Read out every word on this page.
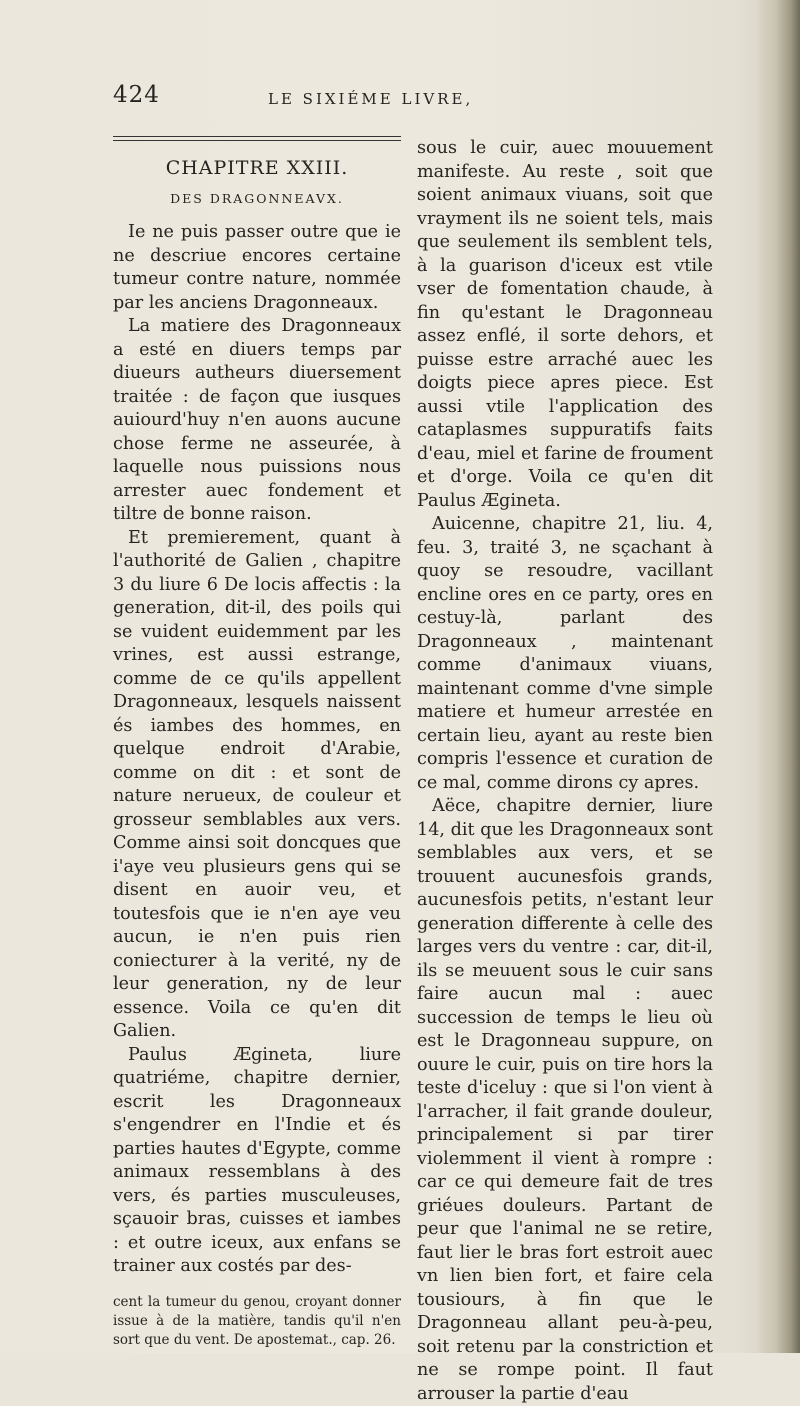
424	LE SIXIÉME LIVRE,
CHAPITRE XXIII.
DES DRAGONNEAVX.

Ie ne puis passer outre que ie ne descriue encores certaine tumeur contre nature, nommée par les anciens Dragonneaux.

La matiere des Dragonneaux a esté en diuers temps par diueurs autheurs diuersement traitée : de façon que iusques auiourd'huy n'en auons aucune chose ferme ne asseurée, à laquelle nous puissions nous arrester auec fondement et tiltre de bonne raison.

Et premierement, quant à l'authorité de Galien , chapitre 3 du liure 6 De locis affectis : la generation, dit-il, des poils qui se vuident euidemment par les vrines, est aussi estrange, comme de ce qu'ils appellent Dragonneaux, lesquels naissent és iambes des hommes, en quelque endroit d'Arabie, comme on dit : et sont de nature nerueux, de couleur et grosseur semblables aux vers. Comme ainsi soit doncques que i'aye veu plusieurs gens qui se disent en auoir veu, et toutesfois que ie n'en aye veu aucun, ie n'en puis rien coniecturer à la verité, ny de leur generation, ny de leur essence. Voila ce qu'en dit Galien.

Paulus Ægineta, liure quatriéme, chapitre dernier, escrit les Dragonneaux s'engendrer en l'Indie et és parties hautes d'Egypte, comme animaux ressemblans à des vers, és parties musculeuses, sçauoir bras, cuisses et iambes : et outre iceux, aux enfans se trainer aux costés par des-

cent la tumeur du genou, croyant donner issue à de la matière, tandis qu'il n'en sort que du vent. De apostemat., cap. 26.

sous le cuir, auec mouuement manifeste. Au reste , soit que soient animaux viuans, soit que vrayment ils ne soient tels, mais que seulement ils semblent tels, à la guarison d'iceux est vtile vser de fomentation chaude, à fin qu'estant le Dragonneau assez enflé, il sorte dehors, et puisse estre arraché auec les doigts piece apres piece. Est aussi vtile l'application des cataplasmes suppuratifs faits d'eau, miel et farine de froument et d'orge. Voila ce qu'en dit Paulus Ægineta.

Auicenne, chapitre 21, liu. 4, feu. 3, traité 3, ne sçachant à quoy se resoudre, vacillant encline ores en ce party, ores en cestuy-là, parlant des Dragonneaux , maintenant comme d'animaux viuans, maintenant comme d'vne simple matiere et humeur arrestée en certain lieu, ayant au reste bien compris l'essence et curation de ce mal, comme dirons cy apres.

Aëce, chapitre dernier, liure 14, dit que les Dragonneaux sont semblables aux vers, et se trouuent aucunesfois grands, aucunesfois petits, n'estant leur generation differente à celle des larges vers du ventre : car, dit-il, ils se meuuent sous le cuir sans faire aucun mal : auec succession de temps le lieu où est le Dragonneau suppure, on ouure le cuir, puis on tire hors la teste d'iceluy : que si l'on vient à l'arracher, il fait grande douleur, principalement si par tirer violemment il vient à rompre : car ce qui demeure fait de tres griéues douleurs. Partant de peur que l'animal ne se retire, faut lier le bras fort estroit auec vn lien bien fort, et faire cela tousiours, à fin que le Dragonneau allant peu-à-peu, soit retenu par la constriction et ne se rompe point. Il faut arrouser la partie d'eau
